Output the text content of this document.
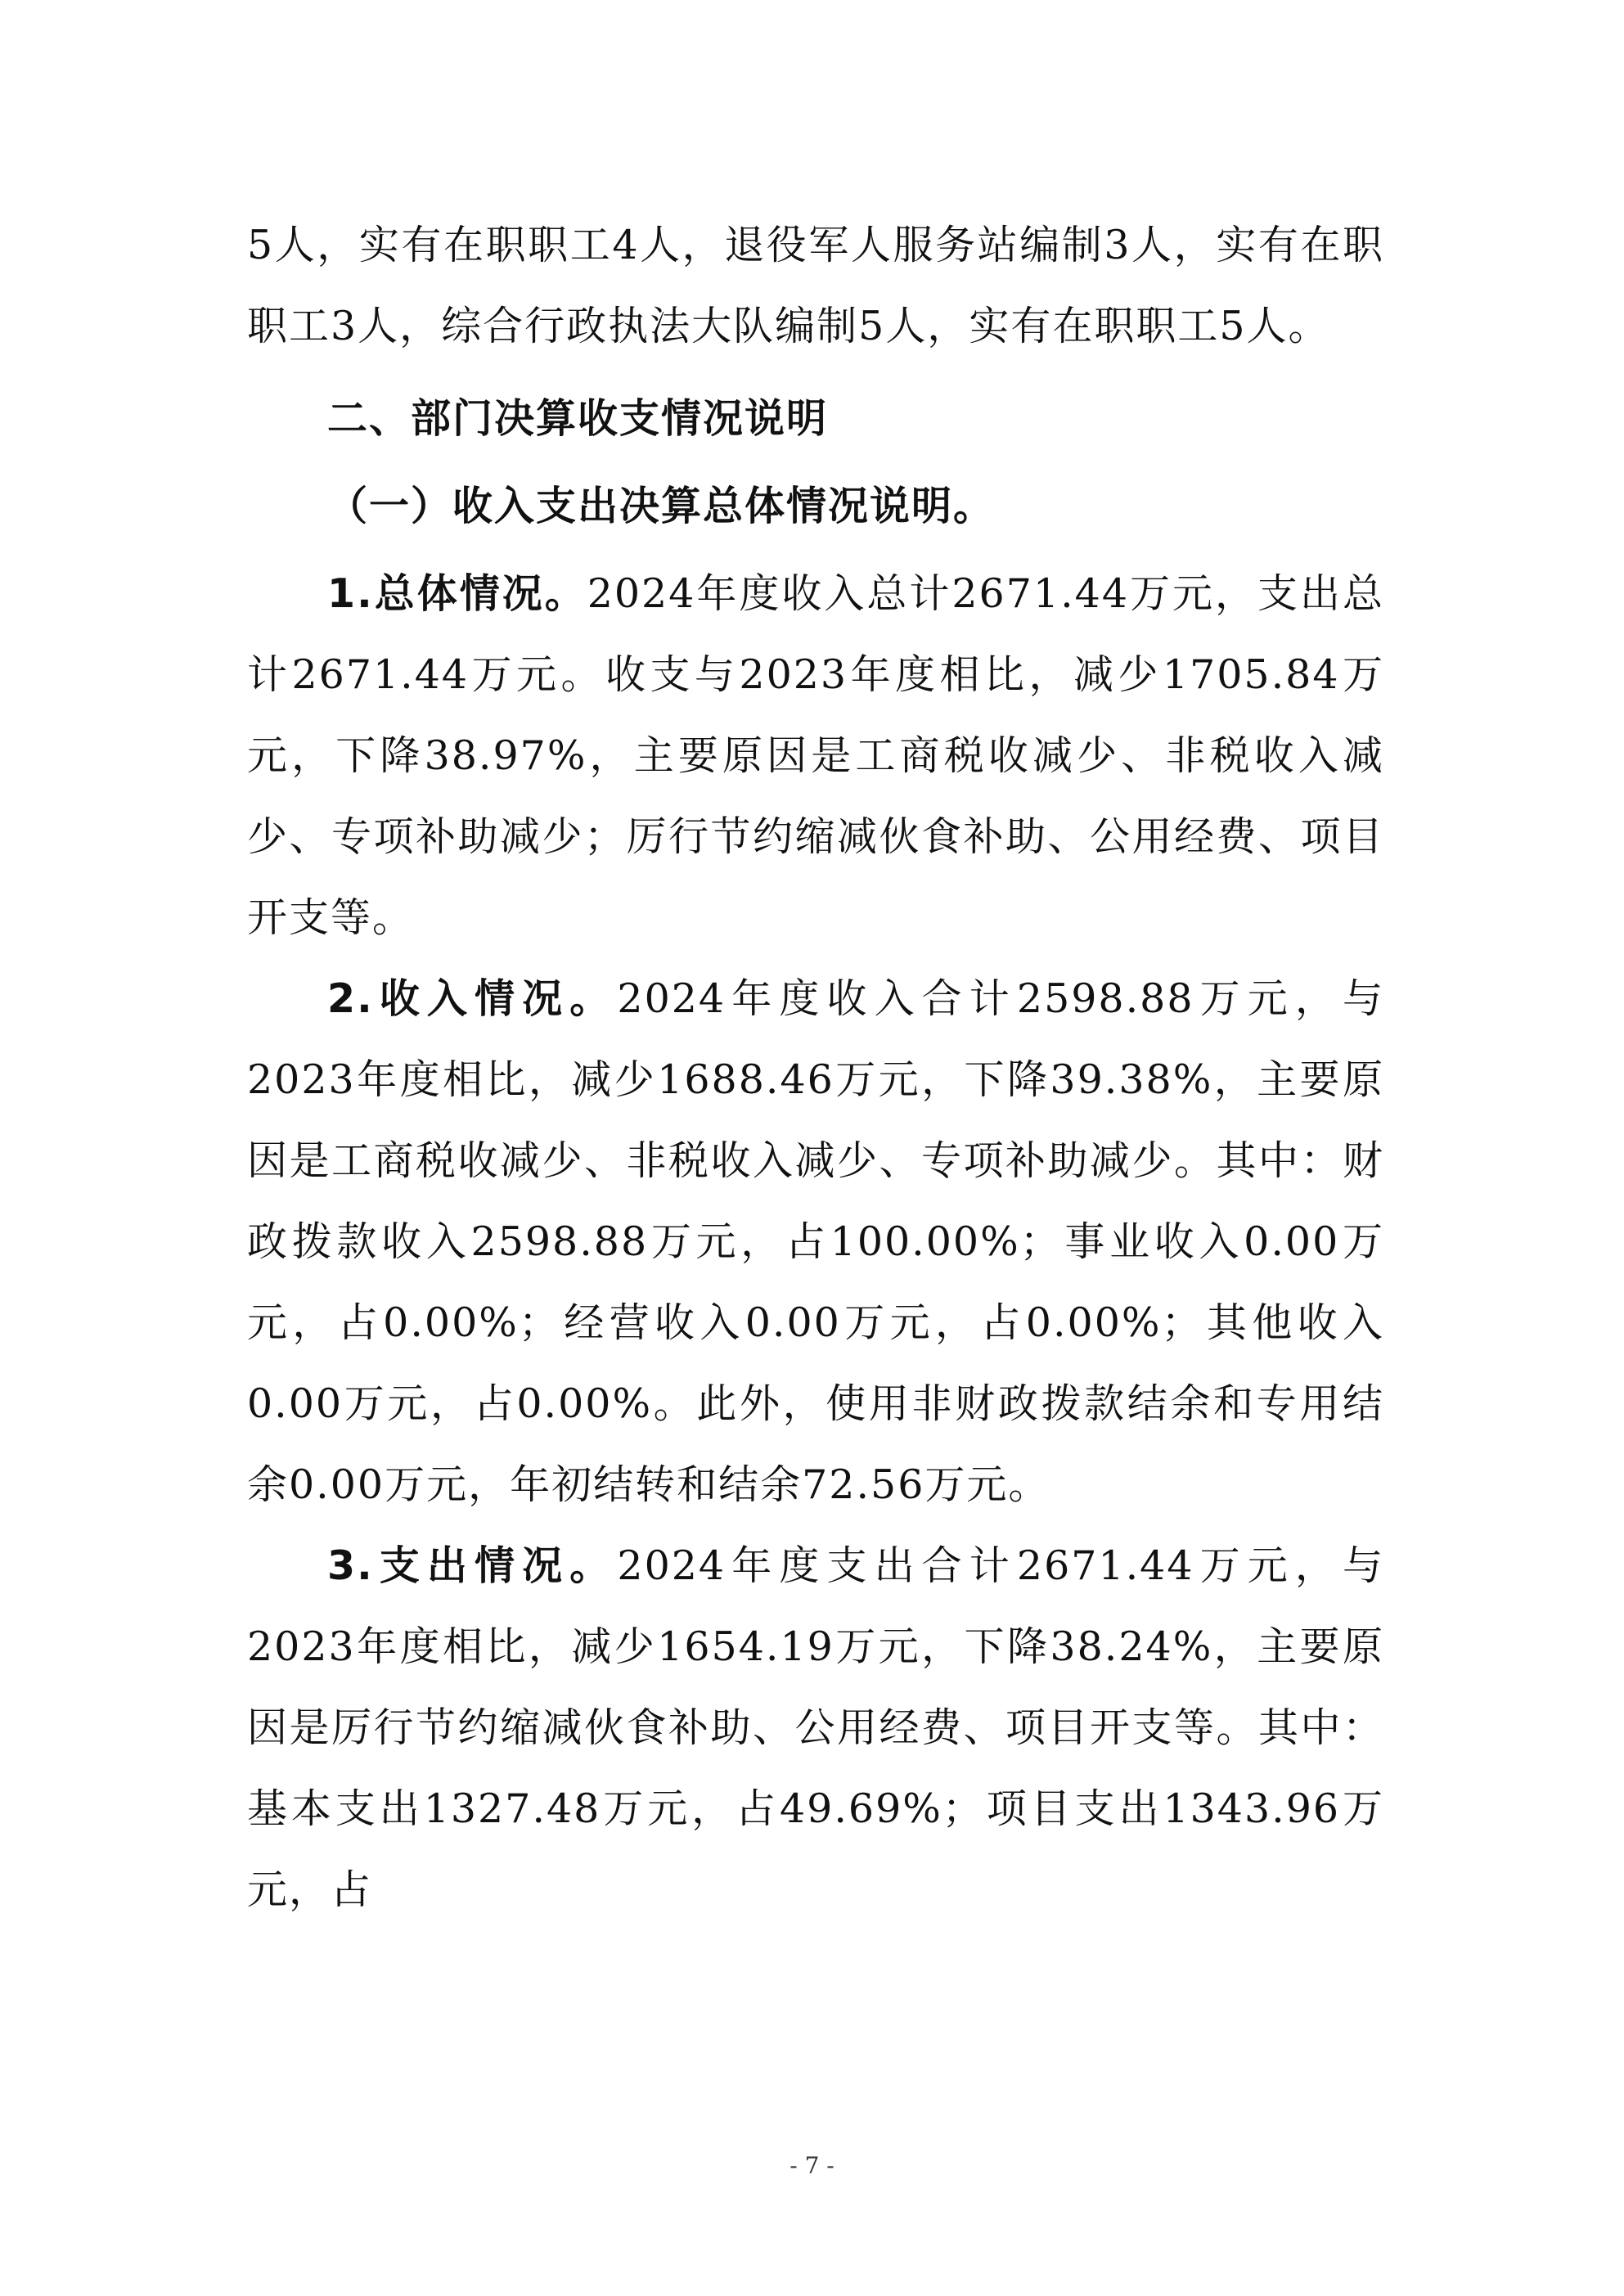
5人，实有在职职工4人，退役军人服务站编制3人，实有在职职工3人，综合行政执法大队编制5人，实有在职职工5人。

二、部门决算收支情况说明

（一）收入支出决算总体情况说明。

1.总体情况。2024年度收入总计2671.44万元，支出总计2671.44万元。收支与2023年度相比，减少1705.84万元，下降38.97%，主要原因是工商税收减少、非税收入减少、专项补助减少；厉行节约缩减伙食补助、公用经费、项目开支等。

2.收入情况。2024年度收入合计2598.88万元，与2023年度相比，减少1688.46万元，下降39.38%，主要原因是工商税收减少、非税收入减少、专项补助减少。其中：财政拨款收入2598.88万元，占100.00%；事业收入0.00万元，占0.00%；经营收入0.00万元，占0.00%；其他收入0.00万元，占0.00%。此外，使用非财政拨款结余和专用结余0.00万元，年初结转和结余72.56万元。

3.支出情况。2024年度支出合计2671.44万元，与2023年度相比，减少1654.19万元，下降38.24%，主要原因是厉行节约缩减伙食补助、公用经费、项目开支等。其中：基本支出1327.48万元，占49.69%；项目支出1343.96万元，占

- 7 -
